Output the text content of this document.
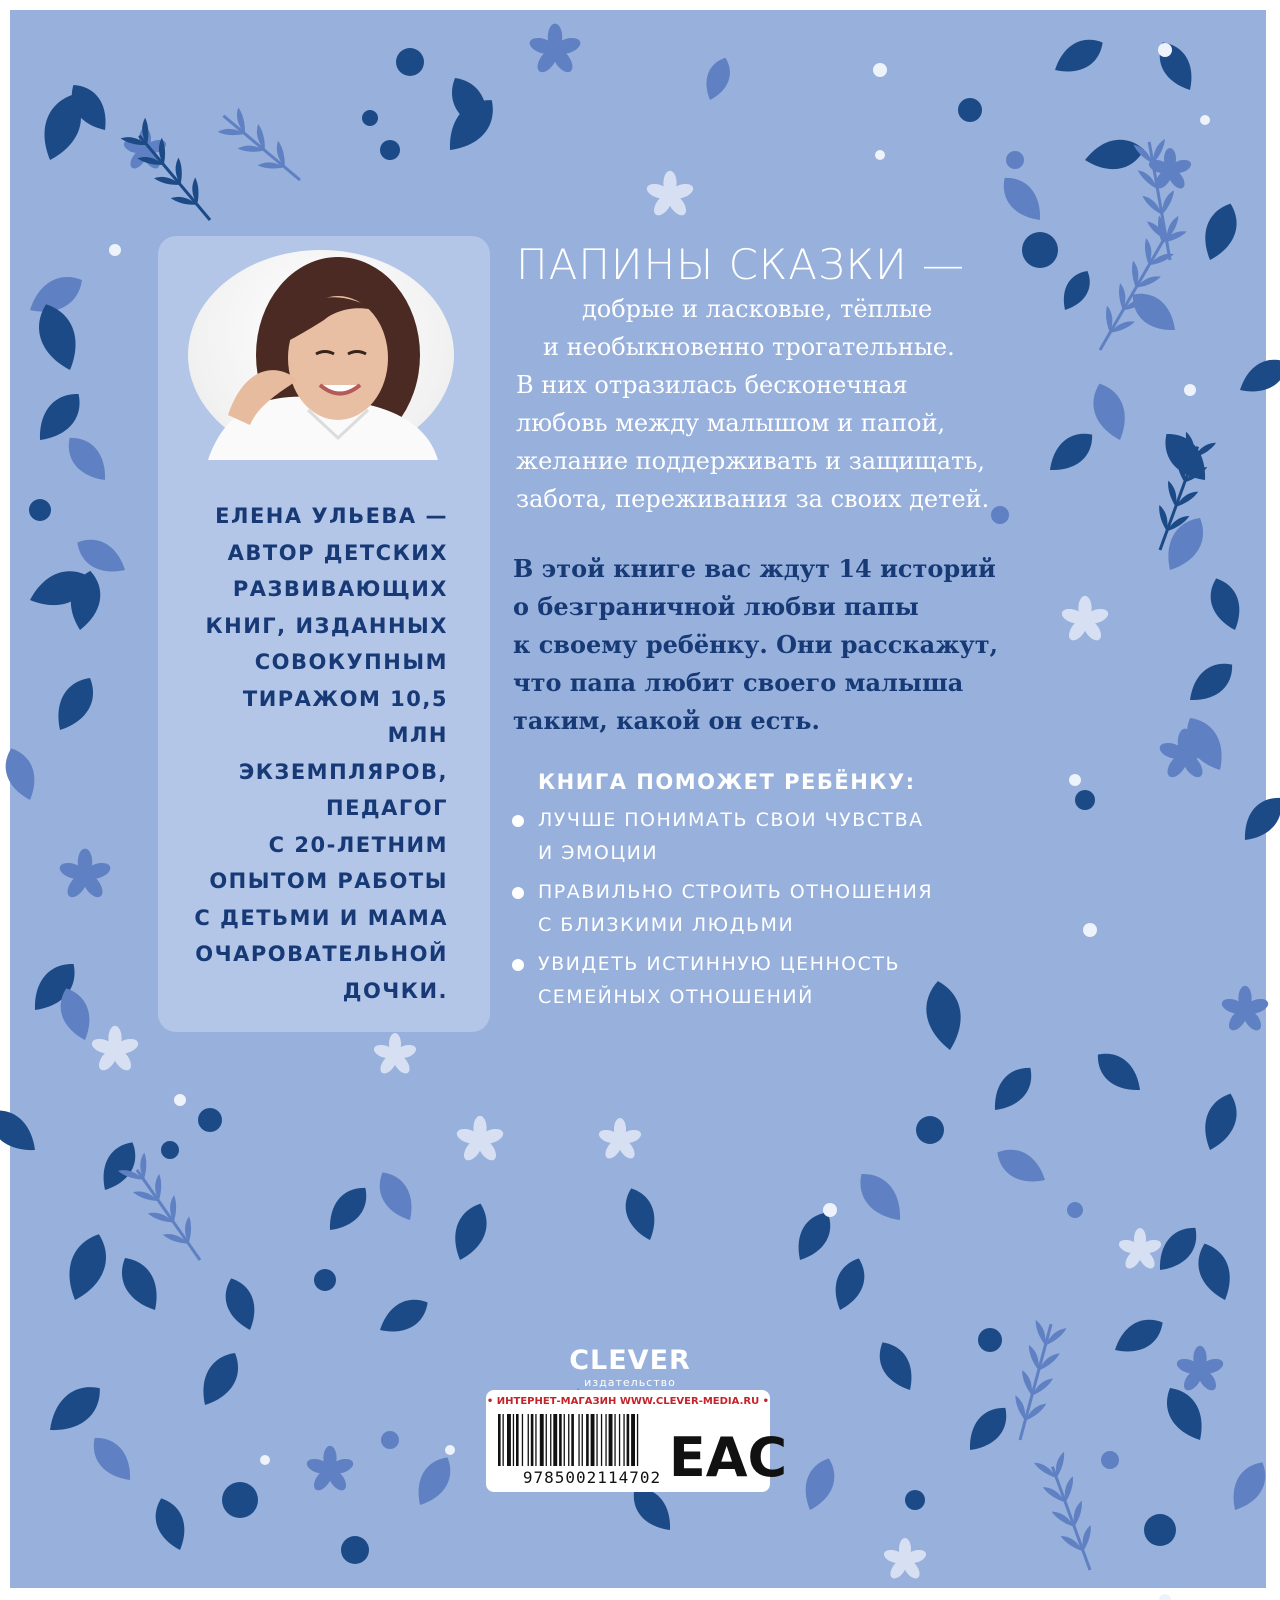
ЕЛЕНА УЛЬЕВА —
АВТОР ДЕТСКИХ
РАЗВИВАЮЩИХ
КНИГ, ИЗДАННЫХ
СОВОКУПНЫМ
ТИРАЖОМ 10,5 МЛН
ЭКЗЕМПЛЯРОВ,
ПЕДАГОГ
С 20-ЛЕТНИМ
ОПЫТОМ РАБОТЫ
С ДЕТЬМИ И МАМА
ОЧАРОВАТЕЛЬНОЙ
ДОЧКИ.
ПАПИНЫ СКАЗКИ —
добрые и ласковые, тёплые
и необыкновенно трогательные.
В них отразилась бесконечная
любовь между малышом и папой,
желание поддерживать и защищать,
забота, переживания за своих детей.
В этой книге вас ждут 14 историй
о безграничной любви папы
к своему ребёнку. Они расскажут,
что папа любит своего малыша
таким, какой он есть.
КНИГА ПОМОЖЕТ РЕБЁНКУ:
ЛУЧШЕ ПОНИМАТЬ СВОИ ЧУВСТВА
И ЭМОЦИИ
ПРАВИЛЬНО СТРОИТЬ ОТНОШЕНИЯ
С БЛИЗКИМИ ЛЮДЬМИ
УВИДЕТЬ ИСТИННУЮ ЦЕННОСТЬ
СЕМЕЙНЫХ ОТНОШЕНИЙ
CLEVER
издательство
• ИНТЕРНЕТ-МАГАЗИН WWW.CLEVER-MEDIA.RU •
9785002114702 EAC
